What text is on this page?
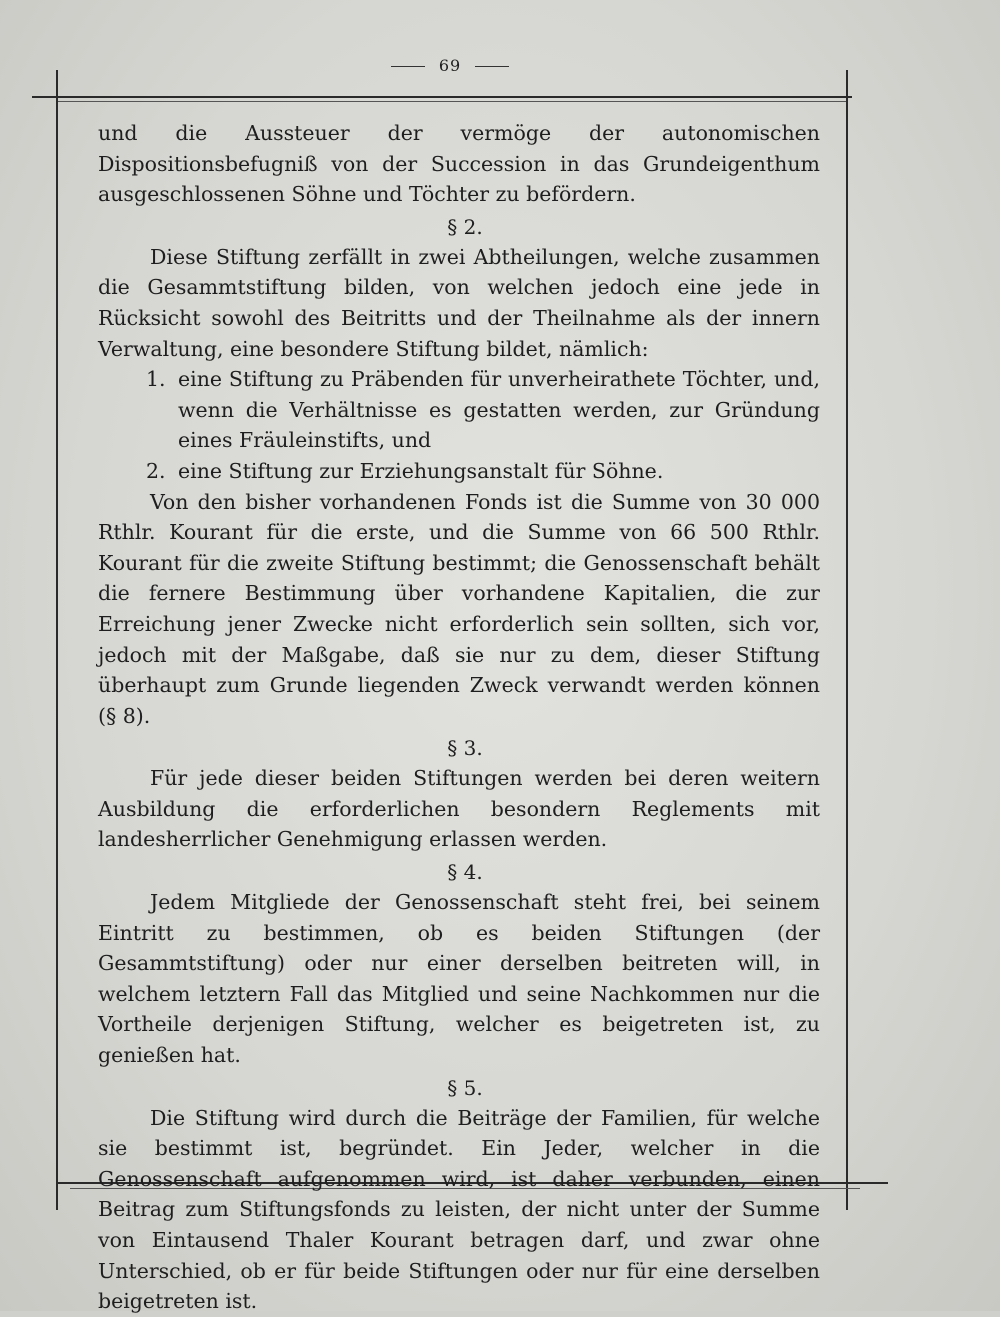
69

und die Aussteuer der vermöge der autonomischen Dispositionsbefugniß von der Succession in das Grundeigenthum ausgeschlossenen Söhne und Töchter zu befördern.

§ 2.

Diese Stiftung zerfällt in zwei Abtheilungen, welche zusammen die Gesammtstiftung bilden, von welchen jedoch eine jede in Rücksicht sowohl des Beitritts und der Theilnahme als der innern Verwaltung, eine besondere Stiftung bildet, nämlich:

1. eine Stiftung zu Präbenden für unverheirathete Töchter, und, wenn die Verhältnisse es gestatten werden, zur Gründung eines Fräuleinstifts, und
2. eine Stiftung zur Erziehungsanstalt für Söhne.

Von den bisher vorhandenen Fonds ist die Summe von 30 000 Rthlr. Kourant für die erste, und die Summe von 66 500 Rthlr. Kourant für die zweite Stiftung bestimmt; die Genossenschaft behält die fernere Bestimmung über vorhandene Kapitalien, die zur Erreichung jener Zwecke nicht erforderlich sein sollten, sich vor, jedoch mit der Maßgabe, daß sie nur zu dem, dieser Stiftung überhaupt zum Grunde liegenden Zweck verwandt werden können (§ 8).

§ 3.

Für jede dieser beiden Stiftungen werden bei deren weitern Ausbildung die erforderlichen besondern Reglements mit landesherrlicher Genehmigung erlassen werden.

§ 4.

Jedem Mitgliede der Genossenschaft steht frei, bei seinem Eintritt zu bestimmen, ob es beiden Stiftungen (der Gesammtstiftung) oder nur einer derselben beitreten will, in welchem letztern Fall das Mitglied und seine Nachkommen nur die Vortheile derjenigen Stiftung, welcher es beigetreten ist, zu genießen hat.

§ 5.

Die Stiftung wird durch die Beiträge der Familien, für welche sie bestimmt ist, begründet. Ein Jeder, welcher in die Genossenschaft aufgenommen wird, ist daher verbunden, einen Beitrag zum Stiftungsfonds zu leisten, der nicht unter der Summe von Eintausend Thaler Kourant betragen darf, und zwar ohne Unterschied, ob er für beide Stiftungen oder nur für eine derselben beigetreten ist.
